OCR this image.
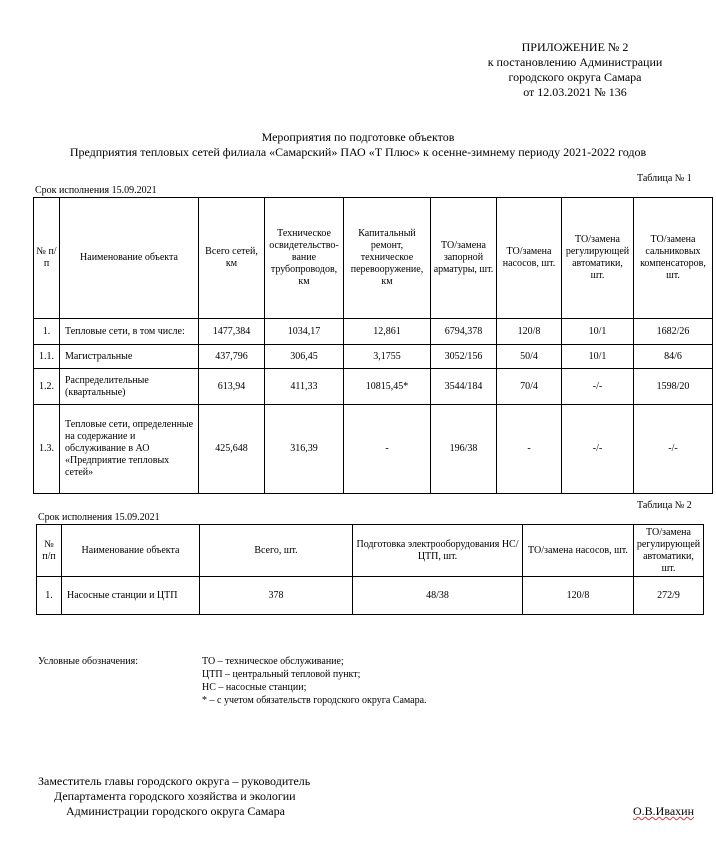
ПРИЛОЖЕНИЕ № 2
к постановлению Администрации
городского округа Самара
от 12.03.2021 № 136
Мероприятия по подготовке объектов
Предприятия тепловых сетей филиала «Самарский» ПАО «Т Плюс» к осенне-зимнему периоду 2021-2022 годов
Таблица № 1
Срок исполнения 15.09.2021
№ п/п	Наименование объекта	Всего сетей, км	Техническое освидетельство-вание трубопроводов, км	Капитальный ремонт, техническое перевооружение, км	ТО/замена запорной арматуры, шт.	ТО/замена насосов, шт.	ТО/замена регулирующей автоматики, шт.	ТО/замена сальниковых компенсаторов, шт.
1.	Тепловые сети, в том числе:	1477,384	1034,17	12,861	6794,378	120/8	10/1	1682/26
1.1.	Магистральные	437,796	306,45	3,1755	3052/156	50/4	10/1	84/6
1.2.	Распределительные (квартальные)	613,94	411,33	10815,45*	3544/184	70/4	-/-	1598/20
1.3.	Тепловые сети, определенные на содержание и обслуживание в АО «Предприятие тепловых сетей»	425,648	316,39	-	196/38	-	-/-	-/-
Таблица № 2
Срок исполнения 15.09.2021
№ п/п	Наименование объекта	Всего, шт.	Подготовка электрооборудования НС/ЦТП, шт.	ТО/замена насосов, шт.	ТО/замена регулирующей автоматики, шт.
1.	Насосные станции и ЦТП	378	48/38	120/8	272/9
Условные обозначения:	ТО – техническое обслуживание;
ЦТП – центральный тепловой пункт;
НС – насосные станции;
* – с учетом обязательств городского округа Самара.
Заместитель главы городского округа – руководитель
Департамента городского хозяйства и экологии
Администрации городского округа Самара	О.В.Ивахин
